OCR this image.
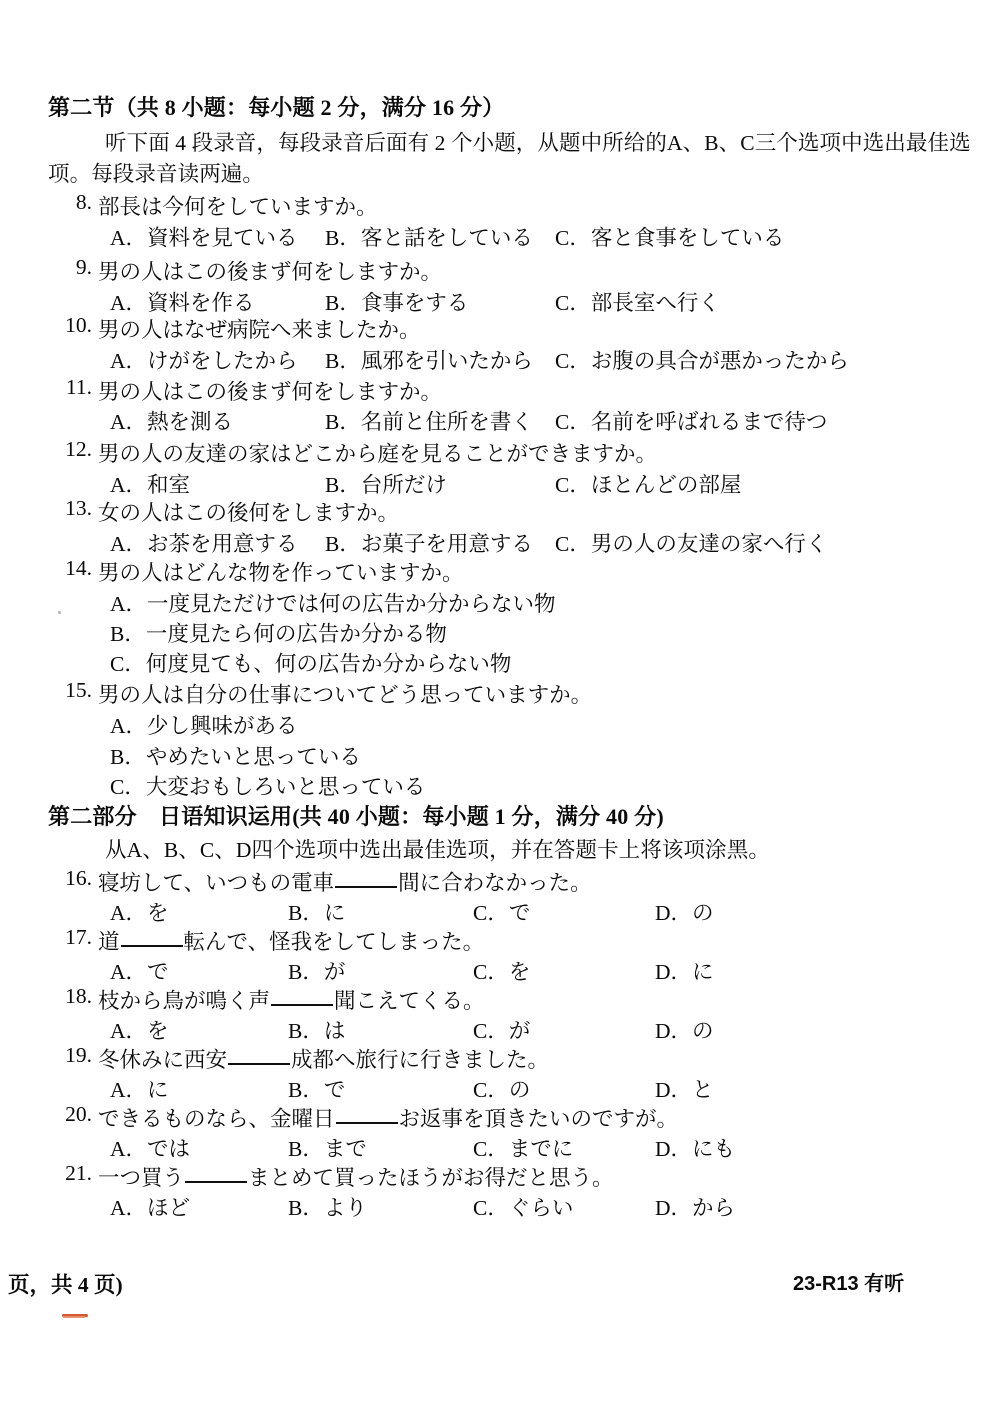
第二节（共 8 小题：每小题 2 分，满分 16 分）
听下面 4 段录音，每段录音后面有 2 个小题，从题中所给的A、B、C三个选项中选出最佳选
项。每段录音读两遍。
8. 部長は今何をしていますか。
A．資料を見ている B．客と話をしている C．客と食事をしている
9. 男の人はこの後まず何をしますか。
A．資料を作る	B．食事をする	C．部長室へ行く
10. 男の人はなぜ病院へ来ましたか。
A．けがをしたから B．風邪を引いたから C．お腹の具合が悪かったから
11. 男の人はこの後まず何をしますか。
A．熱を測る	B．名前と住所を書く C．名前を呼ばれるまで待つ
12. 男の人の友達の家はどこから庭を見ることができますか。
A．和室	B．台所だけ	C．ほとんどの部屋
13. 女の人はこの後何をしますか。
A．お茶を用意する B．お菓子を用意する C．男の人の友達の家へ行く
14. 男の人はどんな物を作っていますか。
A．一度見ただけでは何の広告か分からない物
B．一度見たら何の広告か分かる物
C．何度見ても、何の広告か分からない物
15. 男の人は自分の仕事についてどう思っていますか。
A．少し興味がある
B．やめたいと思っている
C．大変おもしろいと思っている
第二部分　日语知识运用(共 40 小题：每小题 1 分，满分 40 分)
从A、B、C、D四个选项中选出最佳选项，并在答题卡上将该项涂黑。
16. 寝坊して、いつもの電車	間に合わなかった。
A．を	B．に	C．で	D．の
17. 道	転んで、怪我をしてしまった。
A．で	B．が	C．を	D．に
18. 枝から鳥が鳴く声	聞こえてくる。
A．を	B．は	C．が	D．の
19. 冬休みに西安	成都へ旅行に行きました。
A．に	B．で	C．の	D．と
20. できるものなら、金曜日	お返事を頂きたいのですが。
A．では	B．まで	C．までに	D．にも
21. 一つ買う	まとめて買ったほうがお得だと思う。
A．ほど	B．より	C．ぐらい	D．から
页，共 4 页)	23-R13 有听
